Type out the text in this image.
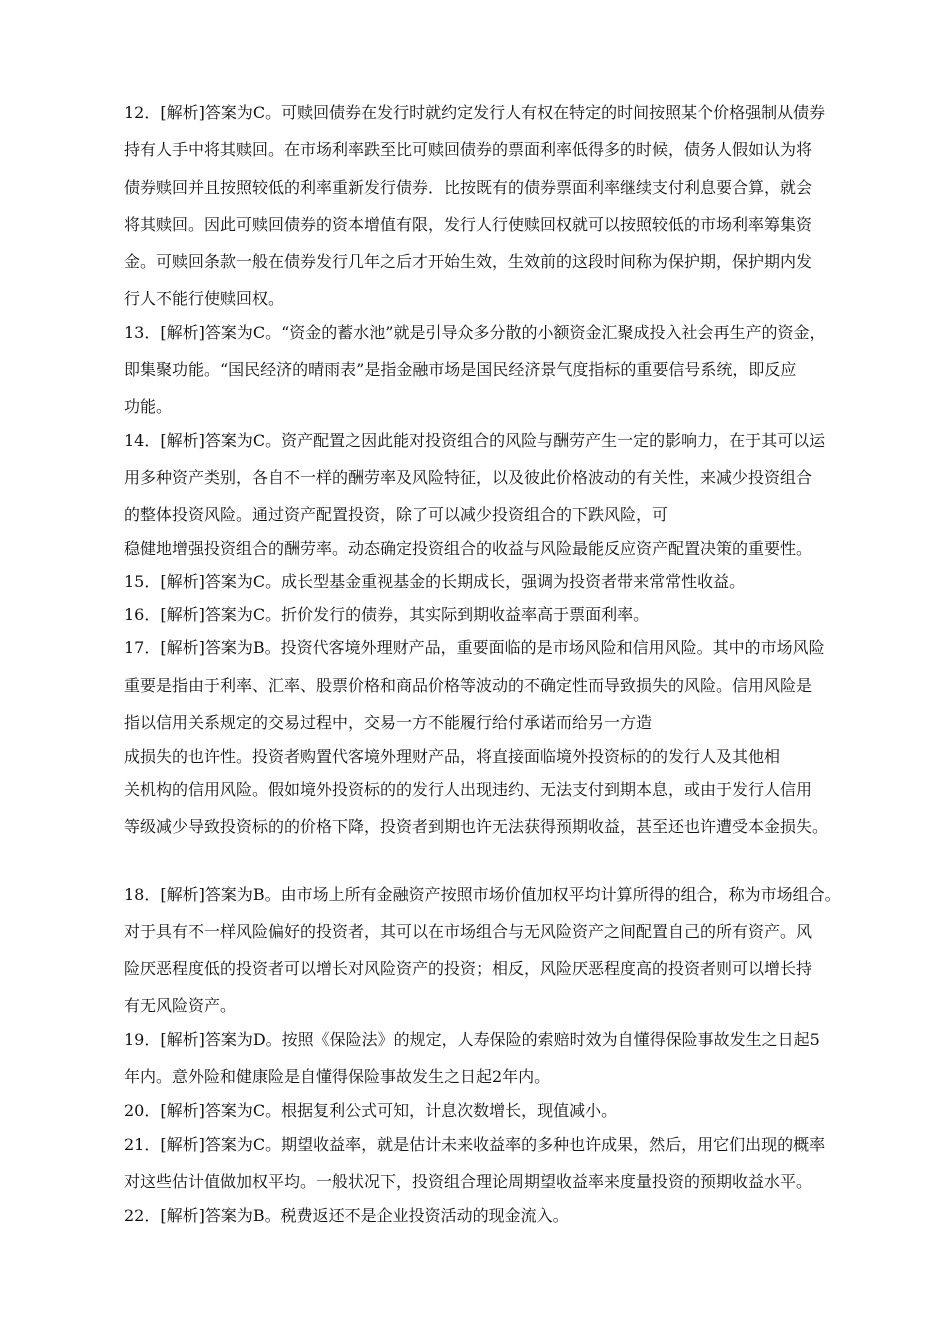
12．[解析]答案为C。可赎回债券在发行时就约定发行人有权在特定的时间按照某个价格强制从债券
持有人手中将其赎回。在市场利率跌至比可赎回债券的票面利率低得多的时候，债务人假如认为将
债券赎回并且按照较低的利率重新发行债券．比按既有的债券票面利率继续支付利息要合算，就会
将其赎回。因此可赎回债券的资本增值有限，发行人行使赎回权就可以按照较低的市场利率筹集资
金。可赎回条款一般在债券发行几年之后才开始生效，生效前的这段时间称为保护期，保护期内发
行人不能行使赎回权。
13．[解析]答案为C。“资金的蓄水池”就是引导众多分散的小额资金汇聚成投入社会再生产的资金，
即集聚功能。“国民经济的晴雨表”是指金融市场是国民经济景气度指标的重要信号系统，即反应
功能。
14．[解析]答案为C。资产配置之因此能对投资组合的风险与酬劳产生一定的影响力，在于其可以运
用多种资产类别，各自不一样的酬劳率及风险特征，以及彼此价格波动的有关性，来减少投资组合
的整体投资风险。通过资产配置投资，除了可以减少投资组合的下跌风险，可
稳健地增强投资组合的酬劳率。动态确定投资组合的收益与风险最能反应资产配置决策的重要性。
15．[解析]答案为C。成长型基金重视基金的长期成长，强调为投资者带来常常性收益。
16．[解析]答案为C。折价发行的债券，其实际到期收益率高于票面利率。
17．[解析]答案为B。投资代客境外理财产品，重要面临的是市场风险和信用风险。其中的市场风险
重要是指由于利率、汇率、股票价格和商品价格等波动的不确定性而导致损失的风险。信用风险是
指以信用关系规定的交易过程中，交易一方不能履行给付承诺而给另一方造
成损失的也许性。投资者购置代客境外理财产品，将直接面临境外投资标的的发行人及其他相
关机构的信用风险。假如境外投资标的的发行人出现违约、无法支付到期本息，或由于发行人信用
等级减少导致投资标的的价格下降，投资者到期也许无法获得预期收益，甚至还也许遭受本金损失。
18．[解析]答案为B。由市场上所有金融资产按照市场价值加权平均计算所得的组合，称为市场组合。
对于具有不一样风险偏好的投资者，其可以在市场组合与无风险资产之间配置自己的所有资产。风
险厌恶程度低的投资者可以增长对风险资产的投资；相反，风险厌恶程度高的投资者则可以增长持
有无风险资产。
19．[解析]答案为D。按照《保险法》的规定，人寿保险的索赔时效为自懂得保险事故发生之日起5
年内。意外险和健康险是自懂得保险事故发生之日起2年内。
20．[解析]答案为C。根据复利公式可知，计息次数增长，现值减小。
21．[解析]答案为C。期望收益率，就是估计未来收益率的多种也许成果，然后，用它们出现的概率
对这些估计值做加权平均。一般状况下，投资组合理论周期望收益率来度量投资的预期收益水平。
22．[解析]答案为B。税费返还不是企业投资活动的现金流入。
